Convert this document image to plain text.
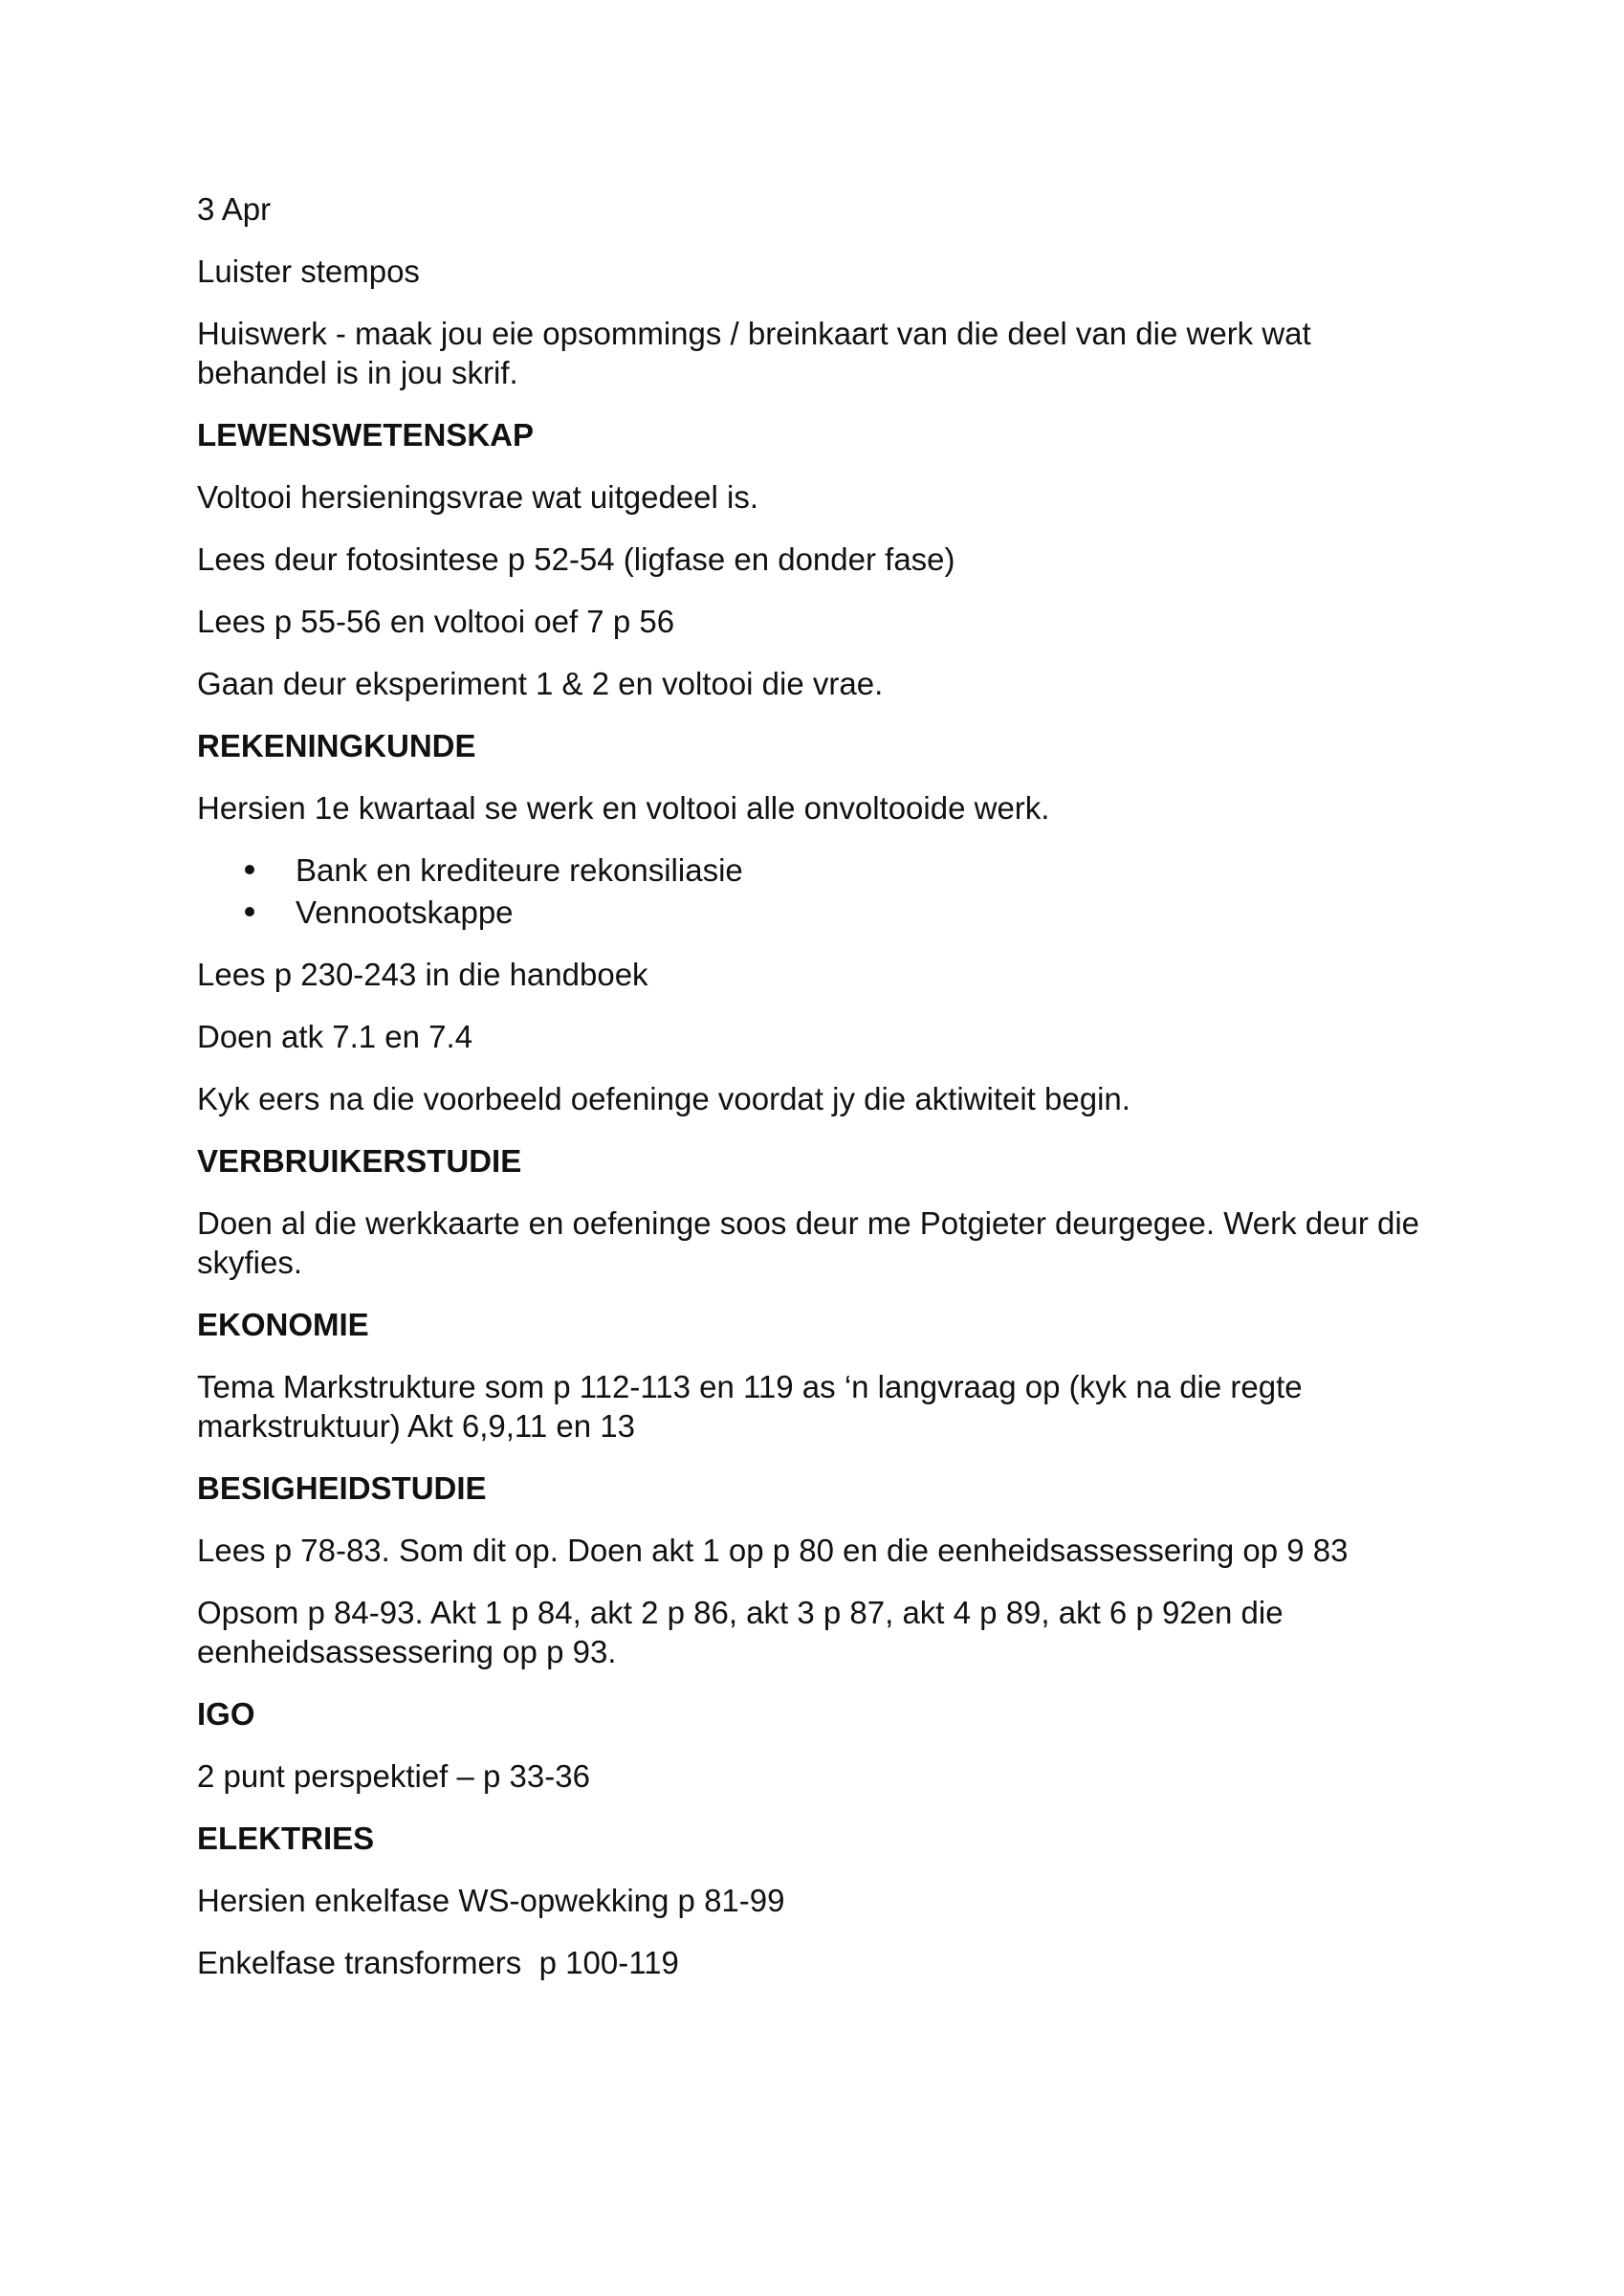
3 Apr

Luister stempos

Huiswerk - maak jou eie opsommings / breinkaart van die deel van die werk wat behandel is in jou skrif.

LEWENSWETENSKAP

Voltooi hersieningsvrae wat uitgedeel is.

Lees deur fotosintese p 52-54 (ligfase en donder fase)

Lees p 55-56 en voltooi oef 7 p 56

Gaan deur eksperiment 1 & 2 en voltooi die vrae.

REKENINGKUNDE

Hersien 1e kwartaal se werk en voltooi alle onvoltooide werk.

Bank en krediteure rekonsiliasie
Vennootskappe

Lees p 230-243 in die handboek

Doen atk 7.1 en 7.4

Kyk eers na die voorbeeld oefeninge voordat jy die aktiwiteit begin.

VERBRUIKERSTUDIE

Doen al die werkkaarte en oefeninge soos deur me Potgieter deurgegee. Werk deur die skyfies.

EKONOMIE

Tema Markstrukture som p 112-113 en 119 as ‘n langvraag op (kyk na die regte markstruktuur) Akt 6,9,11 en 13

BESIGHEIDSTUDIE

Lees p 78-83. Som dit op. Doen akt 1 op p 80 en die eenheidsassessering op 9 83

Opsom p 84-93. Akt 1 p 84, akt 2 p 86, akt 3 p 87, akt 4 p 89, akt 6 p 92en die eenheidsassessering op p 93.

IGO

2 punt perspektief – p 33-36

ELEKTRIES

Hersien enkelfase WS-opwekking p 81-99

Enkelfase transformers  p 100-119
